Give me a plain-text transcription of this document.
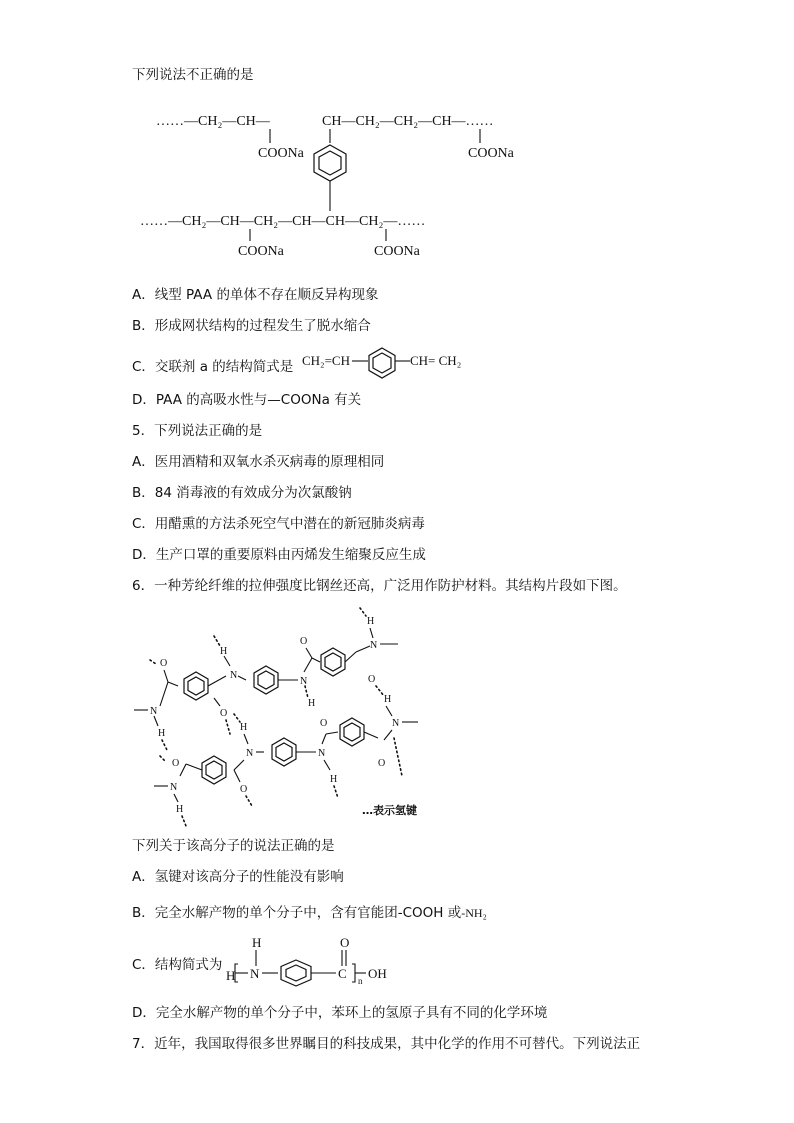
下列说法不正确的是
……—CH₂—CH—	CH—CH₂—CH₂—CH—……
COONa	COONa
……—CH₂—CH—CH₂—CH—CH—CH₂—……
COONa	COONa
A．线型 PAA 的单体不存在顺反异构现象
B．形成网状结构的过程发生了脱水缩合
C．交联剂 a 的结构简式是 CH₂=CH	CH= CH₂
D．PAA 的高吸水性与—COONa 有关
5．下列说法正确的是
A．医用酒精和双氧水杀灭病毒的原理相同
B．84 消毒液的有效成分为次氯酸钠
C．用醋熏的方法杀死空气中潜在的新冠肺炎病毒
D．生产口罩的重要原料由丙烯发生缩聚反应生成
6．一种芳纶纤维的拉伸强度比钢丝还高，广泛用作防护材料。其结构片段如下图。
H
N
O
N
H
N
H
O
O
N
H
O
H
N
H
N	N
O
O
H
O
O
N
H	…表示氢键
下列关于该高分子的说法正确的是
A．氢键对该高分子的性能没有影响
B．完全水解产物的单个分子中，含有官能团-COOH 或-NH₂
C．结构简式为
H	O
H N	C n OH
D．完全水解产物的单个分子中，苯环上的氢原子具有不同的化学环境
7．近年，我国取得很多世界瞩目的科技成果，其中化学的作用不可替代。下列说法正
